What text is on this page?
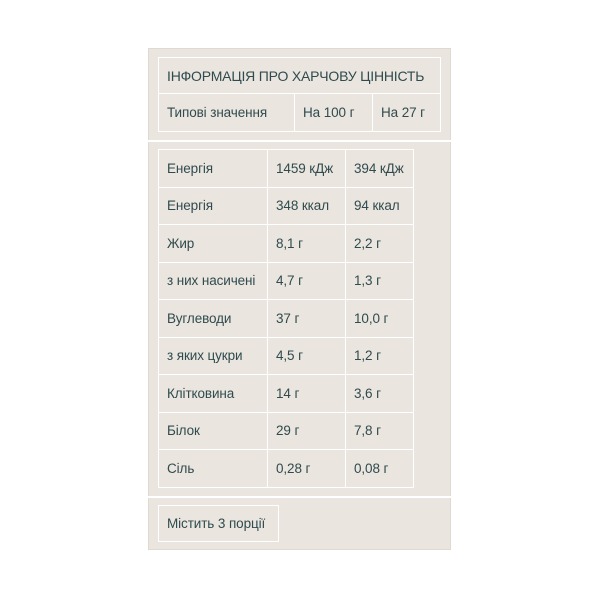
ІНФОРМАЦІЯ ПРО ХАРЧОВУ ЦІННІСТЬ
Типові значення	На 100 г	На 27 г
Енергія	1459 кДж	394 кДж
Енергія	348 ккал	94 ккал
Жир	8,1 г	2,2 г
з них насичені	4,7 г	1,3 г
Вуглеводи	37 г	10,0 г
з яких цукри	4,5 г	1,2 г
Клітковина	14 г	3,6 г
Білок	29 г	7,8 г
Сіль	0,28 г	0,08 г
Містить 3 порції
